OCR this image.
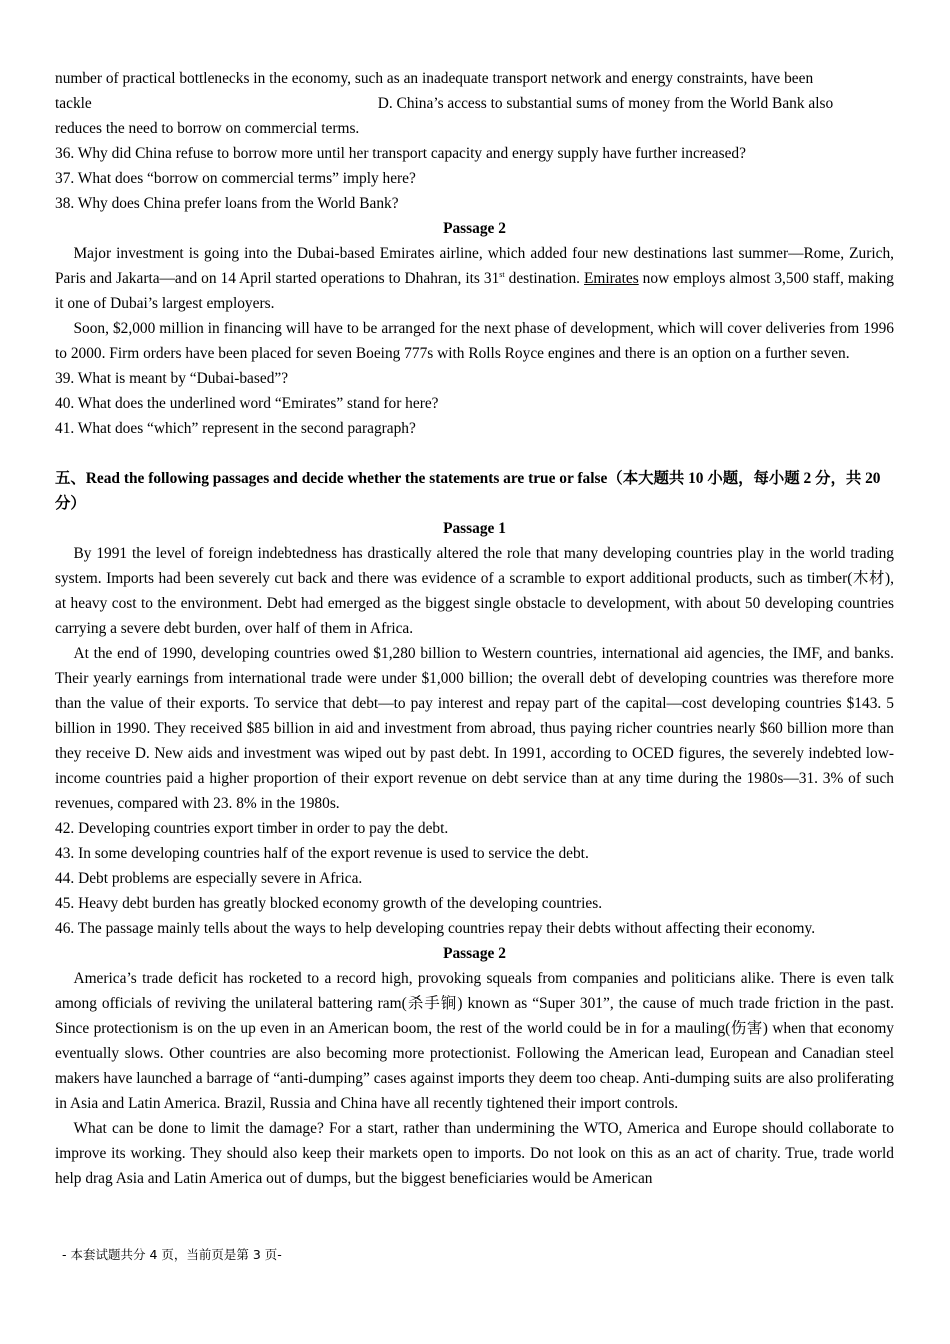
number of practical bottlenecks in the economy, such as an inadequate transport network and energy constraints, have been
tackle	D. China’s access to substantial sums of money from the World Bank also
reduces the need to borrow on commercial terms.

36. Why did China refuse to borrow more until her transport capacity and energy supply have further increased?

37. What does “borrow on commercial terms” imply here?

38. Why does China prefer loans from the World Bank?

Passage 2

Major investment is going into the Dubai-based Emirates airline, which added four new destinations last summer—Rome, Zurich, Paris and Jakarta—and on 14 April started operations to Dhahran, its 31st destination. Emirates now employs almost 3,500 staff, making it one of Dubai’s largest employers.

Soon, $2,000 million in financing will have to be arranged for the next phase of development, which will cover deliveries from 1996 to 2000. Firm orders have been placed for seven Boeing 777s with Rolls Royce engines and there is an option on a further seven.

39. What is meant by “Dubai-based”?

40. What does the underlined word “Emirates” stand for here?

41. What does “which” represent in the second paragraph?

五、Read the following passages and decide whether the statements are true or false（本大题共 10 小题，每小题 2 分，共 20 分）

Passage 1

By 1991 the level of foreign indebtedness has drastically altered the role that many developing countries play in the world trading system. Imports had been severely cut back and there was evidence of a scramble to export additional products, such as timber(木材), at heavy cost to the environment. Debt had emerged as the biggest single obstacle to development, with about 50 developing countries carrying a severe debt burden, over half of them in Africa.

At the end of 1990, developing countries owed $1,280 billion to Western countries, international aid agencies, the IMF, and banks. Their yearly earnings from international trade were under $1,000 billion; the overall debt of developing countries was therefore more than the value of their exports. To service that debt—to pay interest and repay part of the capital—cost developing countries $143. 5 billion in 1990. They received $85 billion in aid and investment from abroad, thus paying richer countries nearly $60 billion more than they receive D. New aids and investment was wiped out by past debt. In 1991, according to OCED figures, the severely indebted low-income countries paid a higher proportion of their export revenue on debt service than at any time during the 1980s—31. 3% of such revenues, compared with 23. 8% in the 1980s.

42. Developing countries export timber in order to pay the debt.

43. In some developing countries half of the export revenue is used to service the debt.

44. Debt problems are especially severe in Africa.

45. Heavy debt burden has greatly blocked economy growth of the developing countries.

46. The passage mainly tells about the ways to help developing countries repay their debts without affecting their economy.

Passage 2

America’s trade deficit has rocketed to a record high, provoking squeals from companies and politicians alike. There is even talk among officials of reviving the unilateral battering ram(杀手锏) known as “Super 301”, the cause of much trade friction in the past. Since protectionism is on the up even in an American boom, the rest of the world could be in for a mauling(伤害) when that economy eventually slows. Other countries are also becoming more protectionist. Following the American lead, European and Canadian steel makers have launched a barrage of “anti-dumping” cases against imports they deem too cheap. Anti-dumping suits are also proliferating in Asia and Latin America. Brazil, Russia and China have all recently tightened their import controls.

What can be done to limit the damage? For a start, rather than undermining the WTO, America and Europe should collaborate to improve its working. They should also keep their markets open to imports. Do not look on this as an act of charity. True, trade world help drag Asia and Latin America out of dumps, but the biggest beneficiaries would be American

- 本套试题共分 4 页，当前页是第 3 页-
